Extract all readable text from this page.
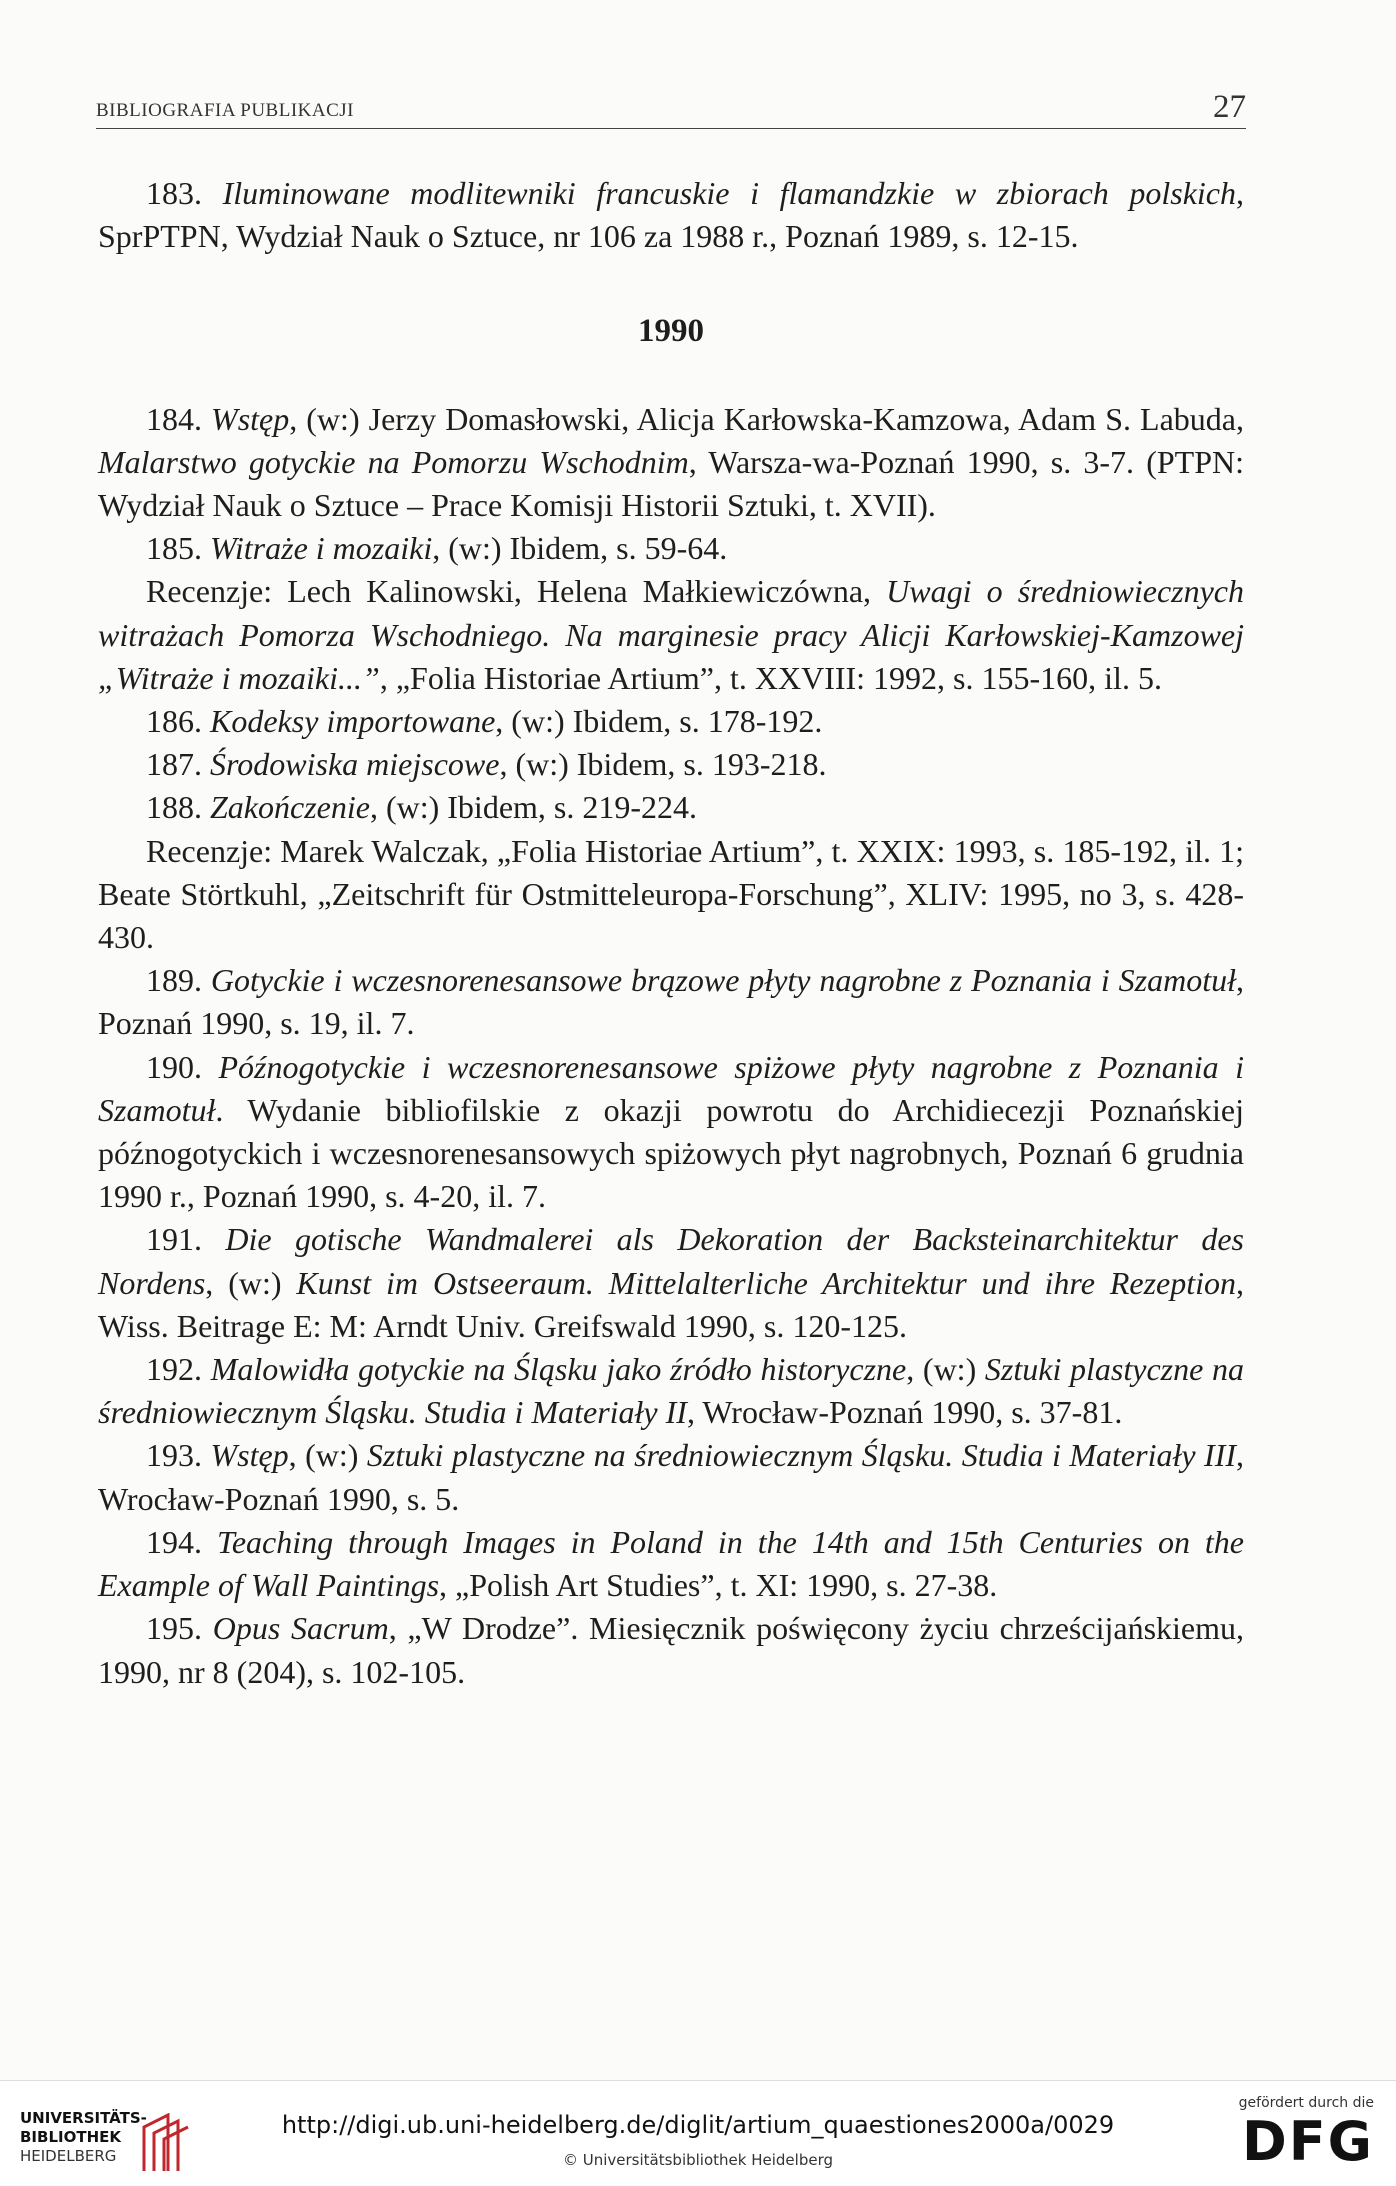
BIBLIOGRAFIA PUBLIKACJI	27

183. Iluminowane modlitewniki francuskie i flamandzkie w zbiorach polskich, SprPTPN, Wydział Nauk o Sztuce, nr 106 za 1988 r., Poznań 1989, s. 12-15.

1990

184. Wstęp, (w:) Jerzy Domasłowski, Alicja Karłowska-Kamzowa, Adam S. Labuda, Malarstwo gotyckie na Pomorzu Wschodnim, Warsza-wa-Poznań 1990, s. 3-7. (PTPN: Wydział Nauk o Sztuce – Prace Komisji Historii Sztuki, t. XVII).

185. Witraże i mozaiki, (w:) Ibidem, s. 59-64.

Recenzje: Lech Kalinowski, Helena Małkiewiczówna, Uwagi o średniowiecznych witrażach Pomorza Wschodniego. Na marginesie pracy Alicji Karłowskiej-Kamzowej „Witraże i mozaiki...”, „Folia Historiae Artium”, t. XXVIII: 1992, s. 155-160, il. 5.

186. Kodeksy importowane, (w:) Ibidem, s. 178-192.

187. Środowiska miejscowe, (w:) Ibidem, s. 193-218.

188. Zakończenie, (w:) Ibidem, s. 219-224.

Recenzje: Marek Walczak, „Folia Historiae Artium”, t. XXIX: 1993, s. 185-192, il. 1; Beate Störtkuhl, „Zeitschrift für Ostmitteleuropa-Forschung”, XLIV: 1995, no 3, s. 428-430.

189. Gotyckie i wczesnorenesansowe brązowe płyty nagrobne z Poznania i Szamotuł, Poznań 1990, s. 19, il. 7.

190. Późnogotyckie i wczesnorenesansowe spiżowe płyty nagrobne z Poznania i Szamotuł. Wydanie bibliofilskie z okazji powrotu do Archidiecezji Poznańskiej późnogotyckich i wczesnorenesansowych spiżowych płyt nagrobnych, Poznań 6 grudnia 1990 r., Poznań 1990, s. 4-20, il. 7.

191. Die gotische Wandmalerei als Dekoration der Backsteinarchitektur des Nordens, (w:) Kunst im Ostseeraum. Mittelalterliche Architektur und ihre Rezeption, Wiss. Beitrage E: M: Arndt Univ. Greifswald 1990, s. 120-125.

192. Malowidła gotyckie na Śląsku jako źródło historyczne, (w:) Sztuki plastyczne na średniowiecznym Śląsku. Studia i Materiały II, Wrocław-Poznań 1990, s. 37-81.

193. Wstęp, (w:) Sztuki plastyczne na średniowiecznym Śląsku. Studia i Materiały III, Wrocław-Poznań 1990, s. 5.

194. Teaching through Images in Poland in the 14th and 15th Centuries on the Example of Wall Paintings, „Polish Art Studies”, t. XI: 1990, s. 27-38.

195. Opus Sacrum, „W Drodze”. Miesięcznik poświęcony życiu chrześcijańskiemu, 1990, nr 8 (204), s. 102-105.

UNIVERSITÄTS-
BIBLIOTHEK
HEIDELBERG
http://digi.ub.uni-heidelberg.de/diglit/artium_quaestiones2000a/0029
© Universitätsbibliothek Heidelberg
gefördert durch die
DFG
